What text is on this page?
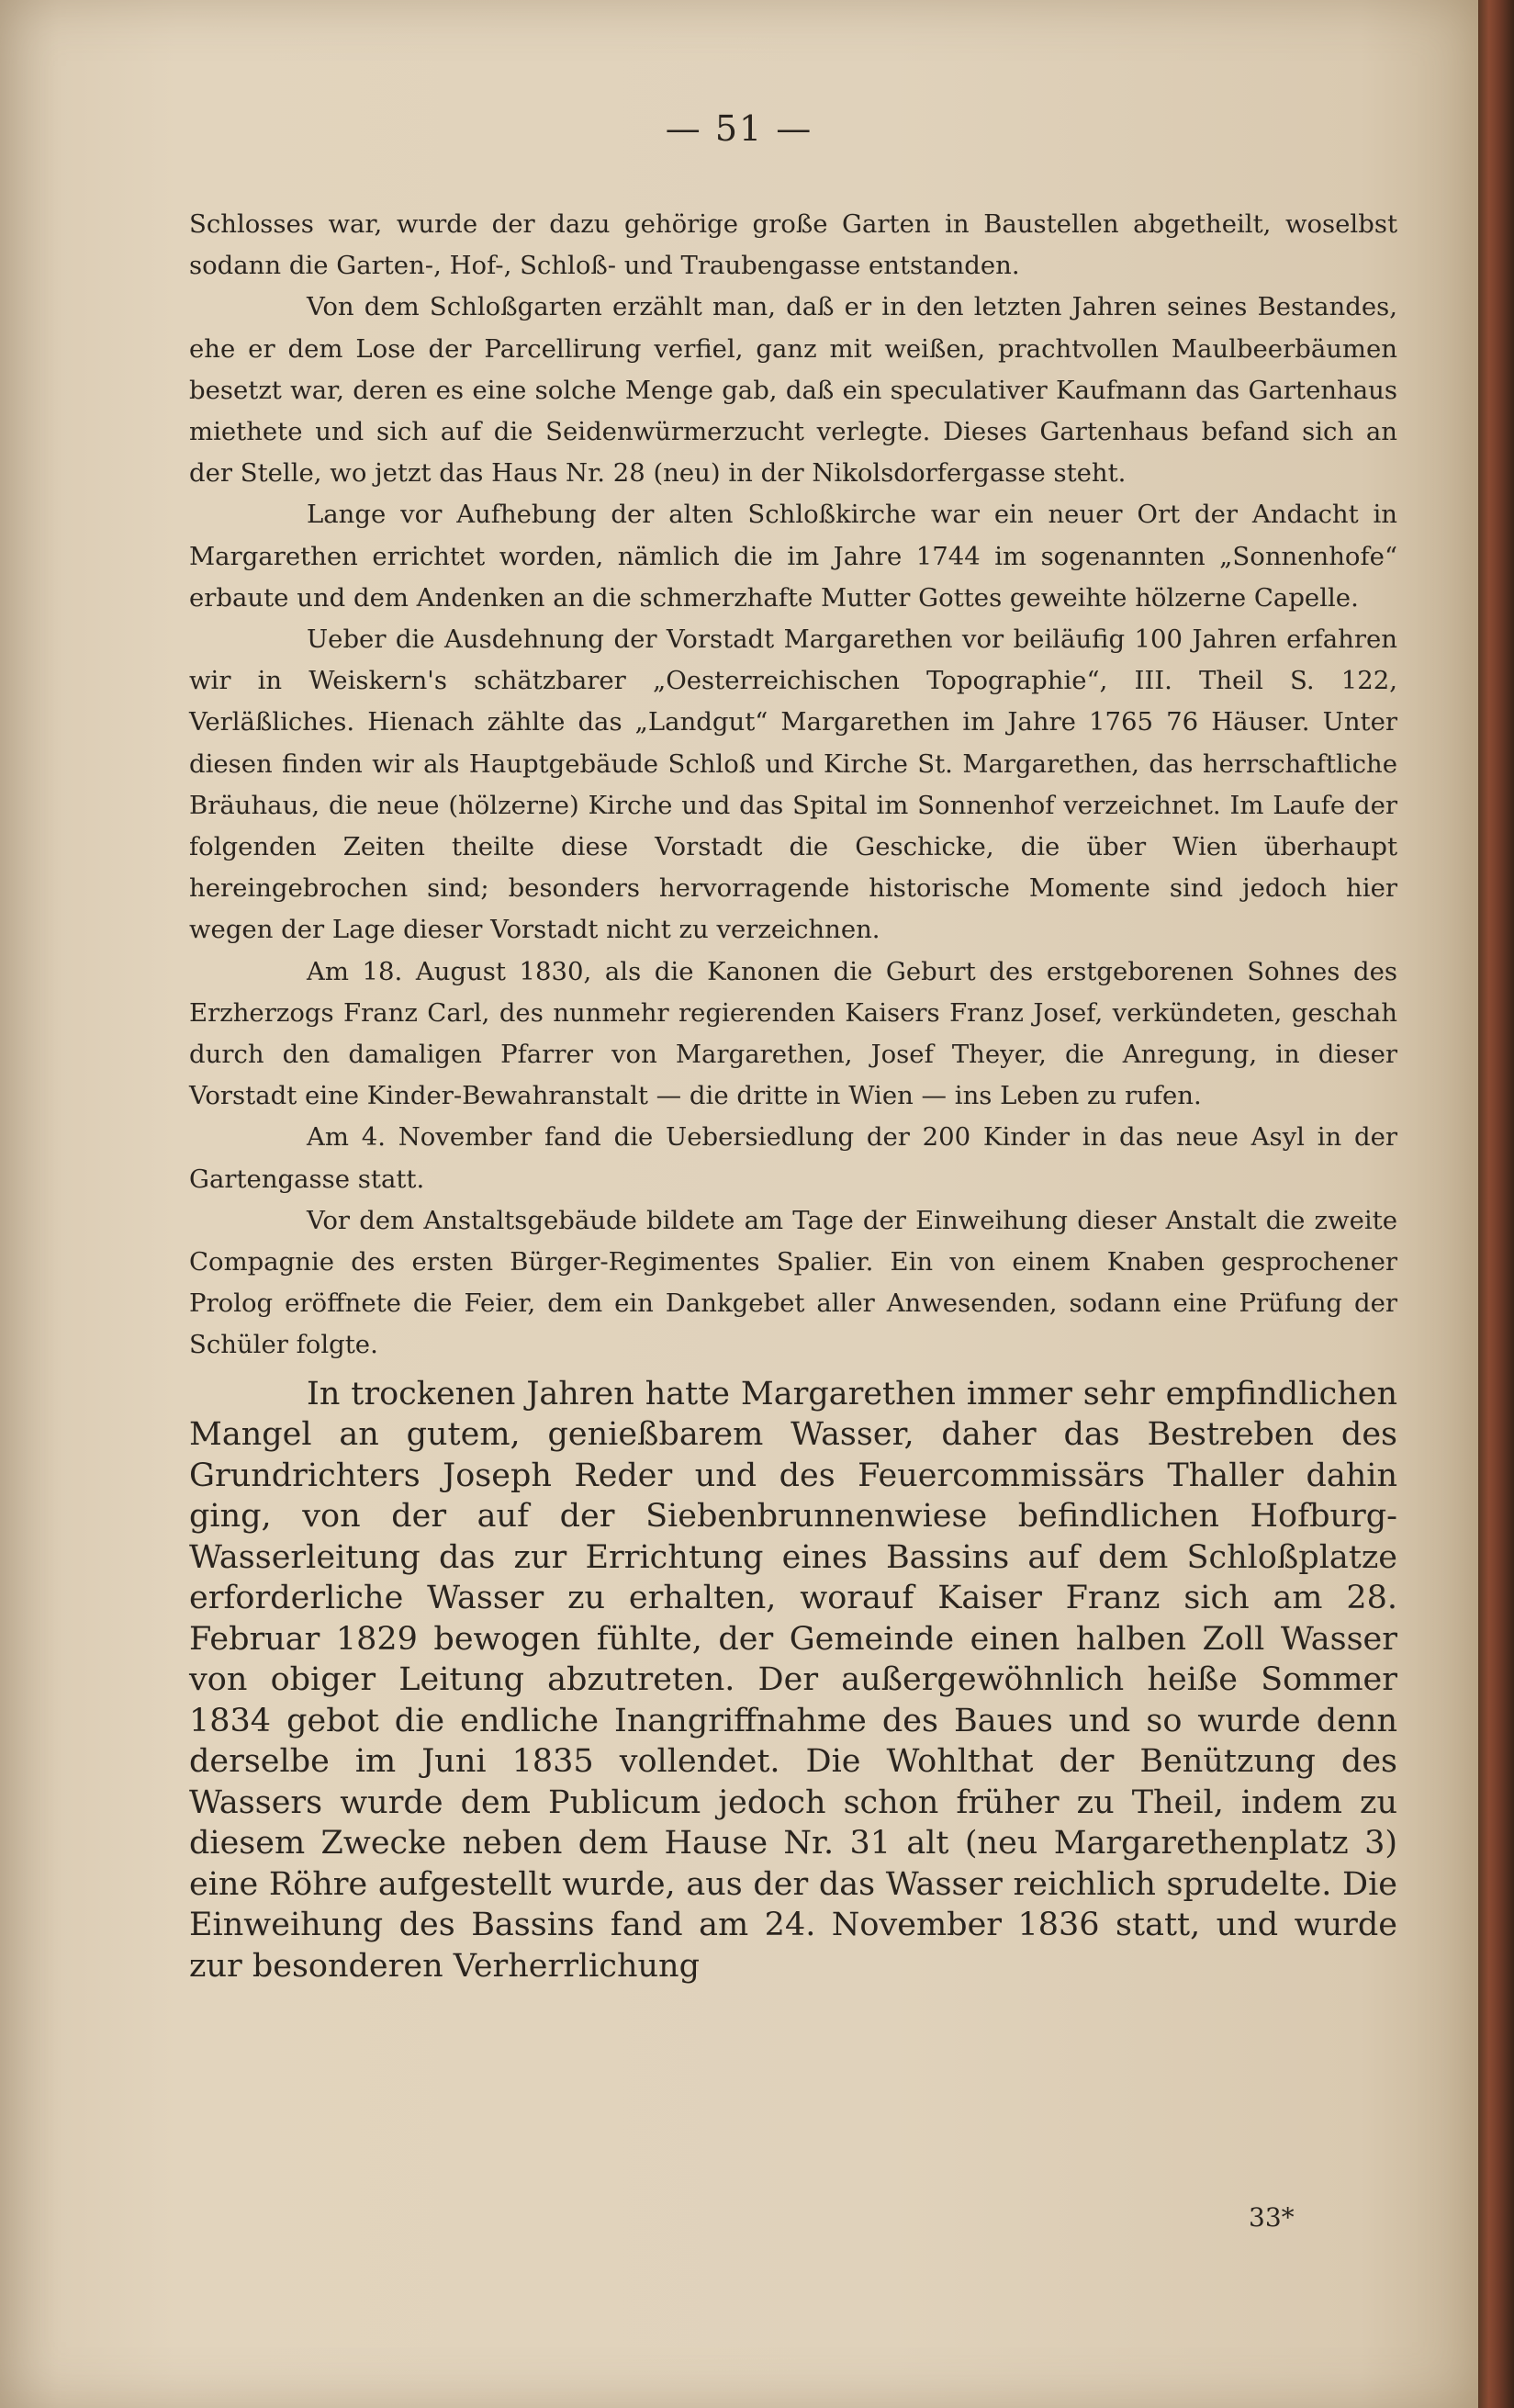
— 51 —

Schlosses war, wurde der dazu gehörige große Garten in Baustellen abgetheilt, woselbst sodann die Garten-, Hof-, Schloß- und Traubengasse entstanden.

Von dem Schloßgarten erzählt man, daß er in den letzten Jahren seines Bestandes, ehe er dem Lose der Parcellirung verfiel, ganz mit weißen, prachtvollen Maulbeerbäumen besetzt war, deren es eine solche Menge gab, daß ein speculativer Kaufmann das Gartenhaus miethete und sich auf die Seidenwürmerzucht verlegte. Dieses Gartenhaus befand sich an der Stelle, wo jetzt das Haus Nr. 28 (neu) in der Nikolsdorfergasse steht.

Lange vor Aufhebung der alten Schloßkirche war ein neuer Ort der Andacht in Margarethen errichtet worden, nämlich die im Jahre 1744 im sogenannten „Sonnenhofe“ erbaute und dem Andenken an die schmerzhafte Mutter Gottes geweihte hölzerne Capelle.

Ueber die Ausdehnung der Vorstadt Margarethen vor beiläufig 100 Jahren erfahren wir in Weiskern's schätzbarer „Oesterreichischen Topographie“, III. Theil S. 122, Verläßliches. Hienach zählte das „Landgut“ Margarethen im Jahre 1765 76 Häuser. Unter diesen finden wir als Hauptgebäude Schloß und Kirche St. Margarethen, das herrschaftliche Bräuhaus, die neue (hölzerne) Kirche und das Spital im Sonnenhof verzeichnet. Im Laufe der folgenden Zeiten theilte diese Vorstadt die Geschicke, die über Wien überhaupt hereingebrochen sind; besonders hervorragende historische Momente sind jedoch hier wegen der Lage dieser Vorstadt nicht zu verzeichnen.

Am 18. August 1830, als die Kanonen die Geburt des erstgeborenen Sohnes des Erzherzogs Franz Carl, des nunmehr regierenden Kaisers Franz Josef, verkündeten, geschah durch den damaligen Pfarrer von Margarethen, Josef Theyer, die Anregung, in dieser Vorstadt eine Kinder-Bewahranstalt — die dritte in Wien — ins Leben zu rufen.

Am 4. November fand die Uebersiedlung der 200 Kinder in das neue Asyl in der Gartengasse statt.

Vor dem Anstaltsgebäude bildete am Tage der Einweihung dieser Anstalt die zweite Compagnie des ersten Bürger-Regimentes Spalier. Ein von einem Knaben gesprochener Prolog eröffnete die Feier, dem ein Dankgebet aller Anwesenden, sodann eine Prüfung der Schüler folgte.

In trockenen Jahren hatte Margarethen immer sehr empfindlichen Mangel an gutem, genießbarem Wasser, daher das Bestreben des Grundrichters Joseph Reder und des Feuercommissärs Thaller dahin ging, von der auf der Siebenbrunnenwiese befindlichen Hofburg-Wasserleitung das zur Errichtung eines Bassins auf dem Schloßplatze erforderliche Wasser zu erhalten, worauf Kaiser Franz sich am 28. Februar 1829 bewogen fühlte, der Gemeinde einen halben Zoll Wasser von obiger Leitung abzutreten. Der außergewöhnlich heiße Sommer 1834 gebot die endliche Inangriffnahme des Baues und so wurde denn derselbe im Juni 1835 vollendet. Die Wohlthat der Benützung des Wassers wurde dem Publicum jedoch schon früher zu Theil, indem zu diesem Zwecke neben dem Hause Nr. 31 alt (neu Margarethenplatz 3) eine Röhre aufgestellt wurde, aus der das Wasser reichlich sprudelte. Die Einweihung des Bassins fand am 24. November 1836 statt, und wurde zur besonderen Verherrlichung

33*
